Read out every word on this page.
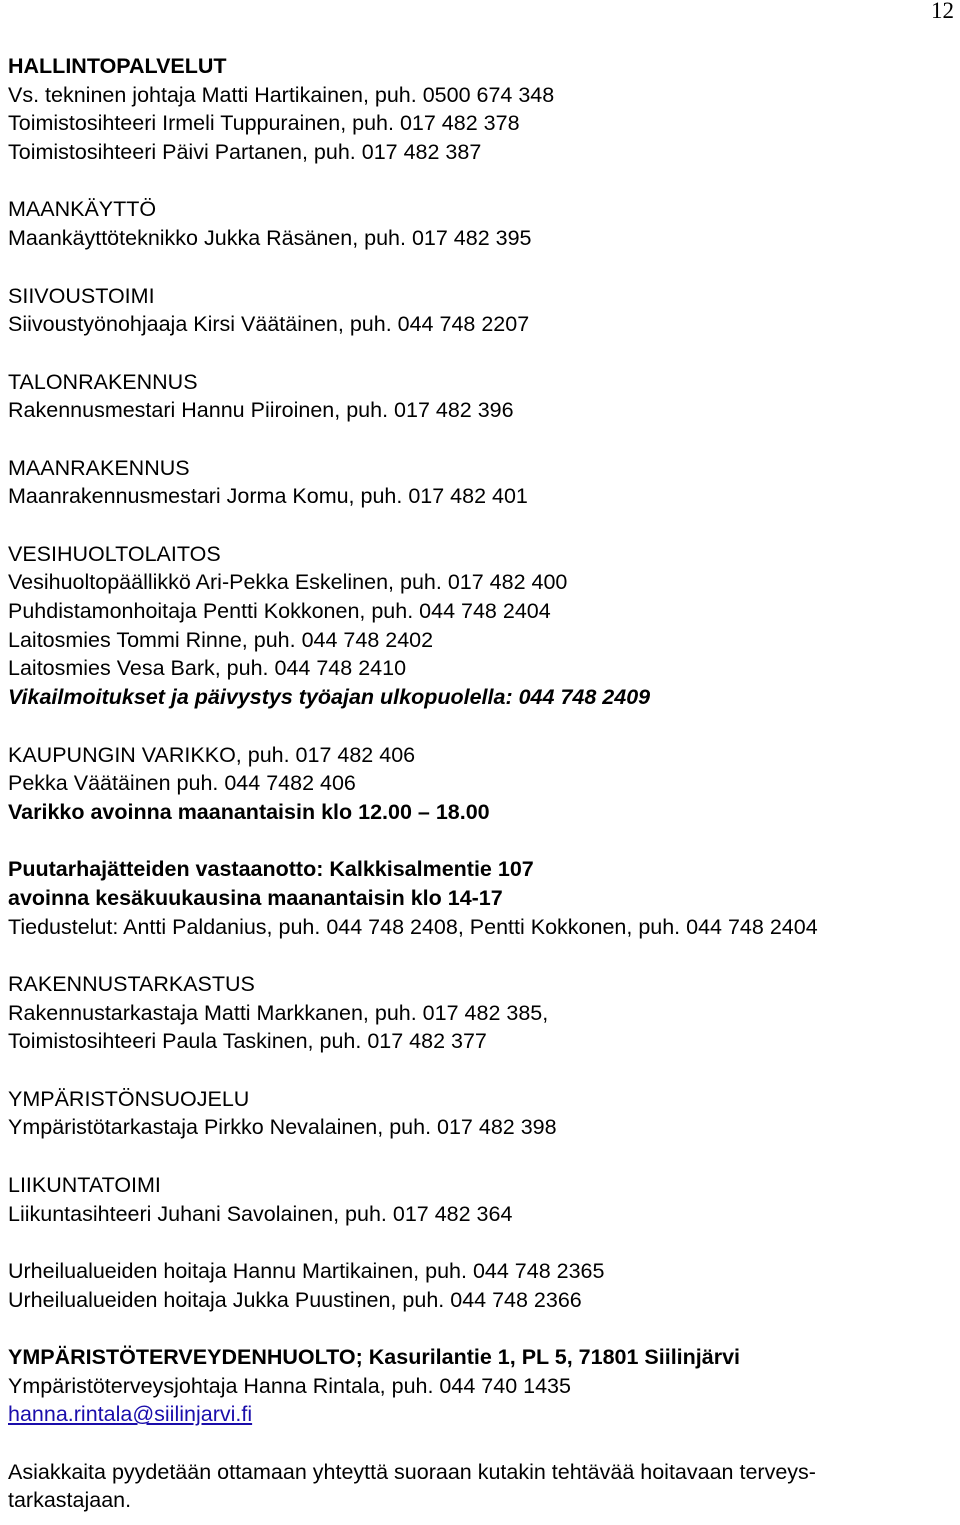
12
HALLINTOPALVELUT
Vs. tekninen johtaja Matti Hartikainen, puh. 0500 674 348
Toimistosihteeri Irmeli Tuppurainen, puh. 017 482 378
Toimistosihteeri Päivi Partanen, puh. 017 482 387
MAANKÄYTTÖ
Maankäyttöteknikko Jukka Räsänen, puh. 017 482 395
SIIVOUSTOIMI
Siivoustyönohjaaja Kirsi Väätäinen, puh. 044 748 2207
TALONRAKENNUS
Rakennusmestari Hannu Piiroinen, puh. 017 482 396
MAANRAKENNUS
Maanrakennusmestari Jorma Komu, puh. 017 482 401
VESIHUOLTOLAITOS
Vesihuoltopäällikkö Ari-Pekka Eskelinen, puh. 017 482 400
Puhdistamonhoitaja Pentti Kokkonen, puh. 044 748 2404
Laitosmies Tommi Rinne, puh. 044 748 2402
Laitosmies Vesa Bark, puh. 044 748 2410
Vikailmoitukset ja päivystys työajan ulkopuolella: 044 748 2409
KAUPUNGIN VARIKKO, puh. 017 482 406
Pekka Väätäinen puh. 044 7482 406
Varikko avoinna maanantaisin klo 12.00 – 18.00
Puutarhajätteiden vastaanotto: Kalkkisalmentie 107
avoinna kesäkuukausina maanantaisin klo 14-17
Tiedustelut: Antti Paldanius, puh. 044 748 2408, Pentti Kokkonen, puh. 044 748 2404
RAKENNUSTARKASTUS
Rakennustarkastaja Matti Markkanen, puh. 017 482 385,
Toimistosihteeri Paula Taskinen, puh. 017 482 377
YMPÄRISTÖNSUOJELU
Ympäristötarkastaja Pirkko Nevalainen, puh. 017 482 398
LIIKUNTATOIMI
Liikuntasihteeri Juhani Savolainen, puh. 017 482 364
Urheilualueiden hoitaja Hannu Martikainen, puh. 044 748 2365
Urheilualueiden hoitaja Jukka Puustinen, puh. 044 748 2366
YMPÄRISTÖTERVEYDENHUOLTO; Kasurilantie 1, PL 5, 71801 Siilinjärvi
Ympäristöterveysjohtaja Hanna Rintala, puh. 044 740 1435
hanna.rintala@siilinjarvi.fi
Asiakkaita pyydetään ottamaan yhteyttä suoraan kutakin tehtävää hoitavaan terveys-
tarkastajaan.
